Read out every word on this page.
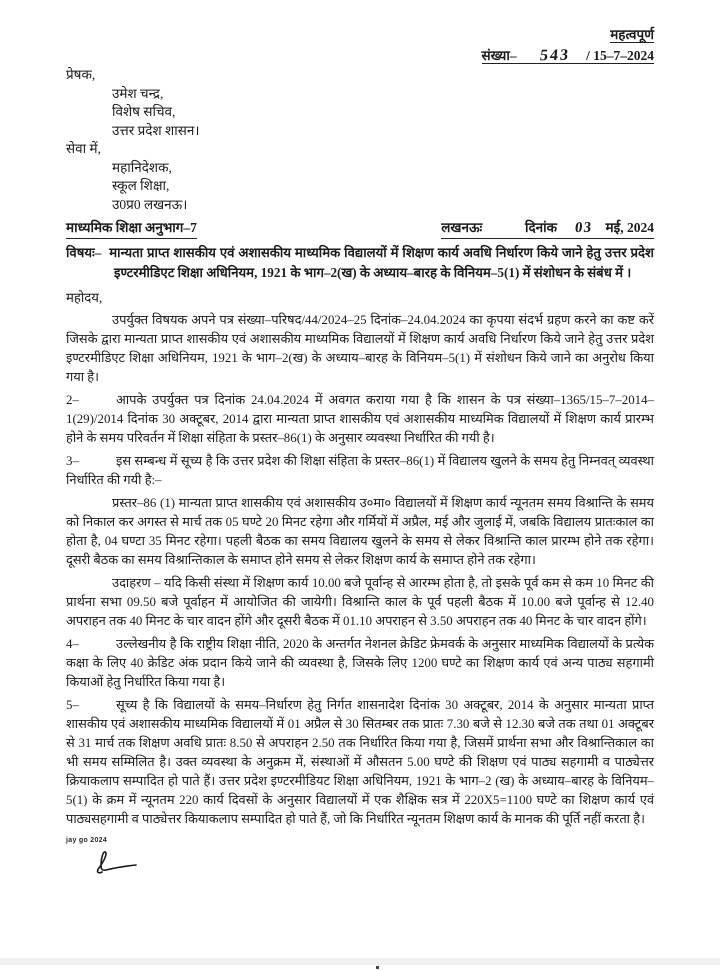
महत्वपूर्ण
संख्या– 543 / 15–7–2024
प्रेषक,
उमेश चन्द्र,
विशेष सचिव,
उत्तर प्रदेश शासन।
सेवा में,
महानिदेशक,
स्कूल शिक्षा,
उ0प्र0 लखनऊ।
माध्यमिक शिक्षा अनुभाग–7	लखनऊः	दिनांक 03 मई, 2024

विषयः– मान्यता प्राप्त शासकीय एवं अशासकीय माध्यमिक विद्यालयों में शिक्षण कार्य अवधि निर्धारण किये जाने हेतु उत्तर प्रदेश इण्टरमीडिएट शिक्षा अधिनियम, 1921 के भाग–2(ख) के अध्याय–बारह के विनियम–5(1) में संशोधन के संबंध में ।

महोदय,

उपर्युक्त विषयक अपने पत्र संख्या–परिषद/44/2024–25 दिनांक–24.04.2024 का कृपया संदर्भ ग्रहण करने का कष्ट करें जिसके द्वारा मान्यता प्राप्त शासकीय एवं अशासकीय माध्यमिक विद्यालयों में शिक्षण कार्य अवधि निर्धारण किये जाने हेतु उत्तर प्रदेश इण्टरमीडिएट शिक्षा अधिनियम, 1921 के भाग–2(ख) के अध्याय–बारह के विनियम–5(1) में संशोधन किये जाने का अनुरोध किया गया है।

2–	आपके उपर्युक्त पत्र दिनांक 24.04.2024 में अवगत कराया गया है कि शासन के पत्र संख्या–1365/15–7–2014–1(29)/2014 दिनांक 30 अक्टूबर, 2014 द्वारा मान्यता प्राप्त शासकीय एवं अशासकीय माध्यमिक विद्यालयों में शिक्षण कार्य प्रारम्भ होने के समय परिवर्तन में शिक्षा संहिता के प्रस्तर–86(1) के अनुसार व्यवस्था निर्धारित की गयी है।

3–	इस सम्बन्ध में सूच्य है कि उत्तर प्रदेश की शिक्षा संहिता के प्रस्तर–86(1) में विद्यालय खुलने के समय हेतु निम्नवत् व्यवस्था निर्धारित की गयी है:–

प्रस्तर–86 (1) मान्यता प्राप्त शासकीय एवं अशासकीय उ०मा० विद्यालयों में शिक्षण कार्य न्यूनतम समय विश्रान्ति के समय को निकाल कर अगस्त से मार्च तक 05 घण्टे 20 मिनट रहेगा और गर्मियों में अप्रैल, मई और जुलाई में, जबकि विद्यालय प्रातःकाल का होता है, 04 घण्टा 35 मिनट रहेगा। पहली बैठक का समय विद्यालय खुलने के समय से लेकर विश्रान्ति काल प्रारम्भ होने तक रहेगा। दूसरी बैठक का समय विश्रान्तिकाल के समाप्त होने समय से लेकर शिक्षण कार्य के समाप्त होने तक रहेगा।

उदाहरण – यदि किसी संस्था में शिक्षण कार्य 10.00 बजे पूर्वान्ह से आरम्भ होता है, तो इसके पूर्व कम से कम 10 मिनट की प्रार्थना सभा 09.50 बजे पूर्वाहन में आयोजित की जायेगी। विश्रान्ति काल के पूर्व पहली बैठक में 10.00 बजे पूर्वान्ह से 12.40 अपराहन तक 40 मिनट के चार वादन होंगे और दूसरी बैठक में 01.10 अपराहन से 3.50 अपराहन तक 40 मिनट के चार वादन होंगे।

4–	उल्लेखनीय है कि राष्ट्रीय शिक्षा नीति, 2020 के अन्तर्गत नेशनल क्रेडिट फ्रेमवर्क के अनुसार माध्यमिक विद्यालयों के प्रत्येक कक्षा के लिए 40 क्रेडिट अंक प्रदान किये जाने की व्यवस्था है, जिसके लिए 1200 घण्टे का शिक्षण कार्य एवं अन्य पाठ्य सहगामी कियाओं हेतु निर्धारित किया गया है।

5–	सूच्य है कि विद्यालयों के समय–निर्धारण हेतु निर्गत शासनादेश दिनांक 30 अक्टूबर, 2014 के अनुसार मान्यता प्राप्त शासकीय एवं अशासकीय माध्यमिक विद्यालयों में 01 अप्रैल से 30 सितम्बर तक प्रातः 7.30 बजे से 12.30 बजे तक तथा 01 अक्टूबर से 31 मार्च तक शिक्षण अवधि प्रातः 8.50 से अपराहन 2.50 तक निर्धारित किया गया है, जिसमें प्रार्थना सभा और विश्रान्तिकाल का भी समय सम्मिलित है। उक्त व्यवस्था के अनुक्रम में, संस्थाओं में औसतन 5.00 घण्टे की शिक्षण एवं पाठ्य सहगामी व पाठ्येत्तर क्रियाकलाप सम्पादित हो पाते हैं। उत्तर प्रदेश इण्टरमीडियट शिक्षा अधिनियम, 1921 के भाग–2 (ख) के अध्याय–बारह के विनियम–5(1) के क्रम में न्यूनतम 220 कार्य दिवसों के अनुसार विद्यालयों में एक शैक्षिक सत्र में 220X5=1100 घण्टे का शिक्षण कार्य एवं पाठ्यसहगामी व पाठ्येत्तर कियाकलाप सम्पादित हो पाते हैं, जो कि निर्धारित न्यूनतम शिक्षण कार्य के मानक की पूर्ति नहीं करता है।

jay go 2024
